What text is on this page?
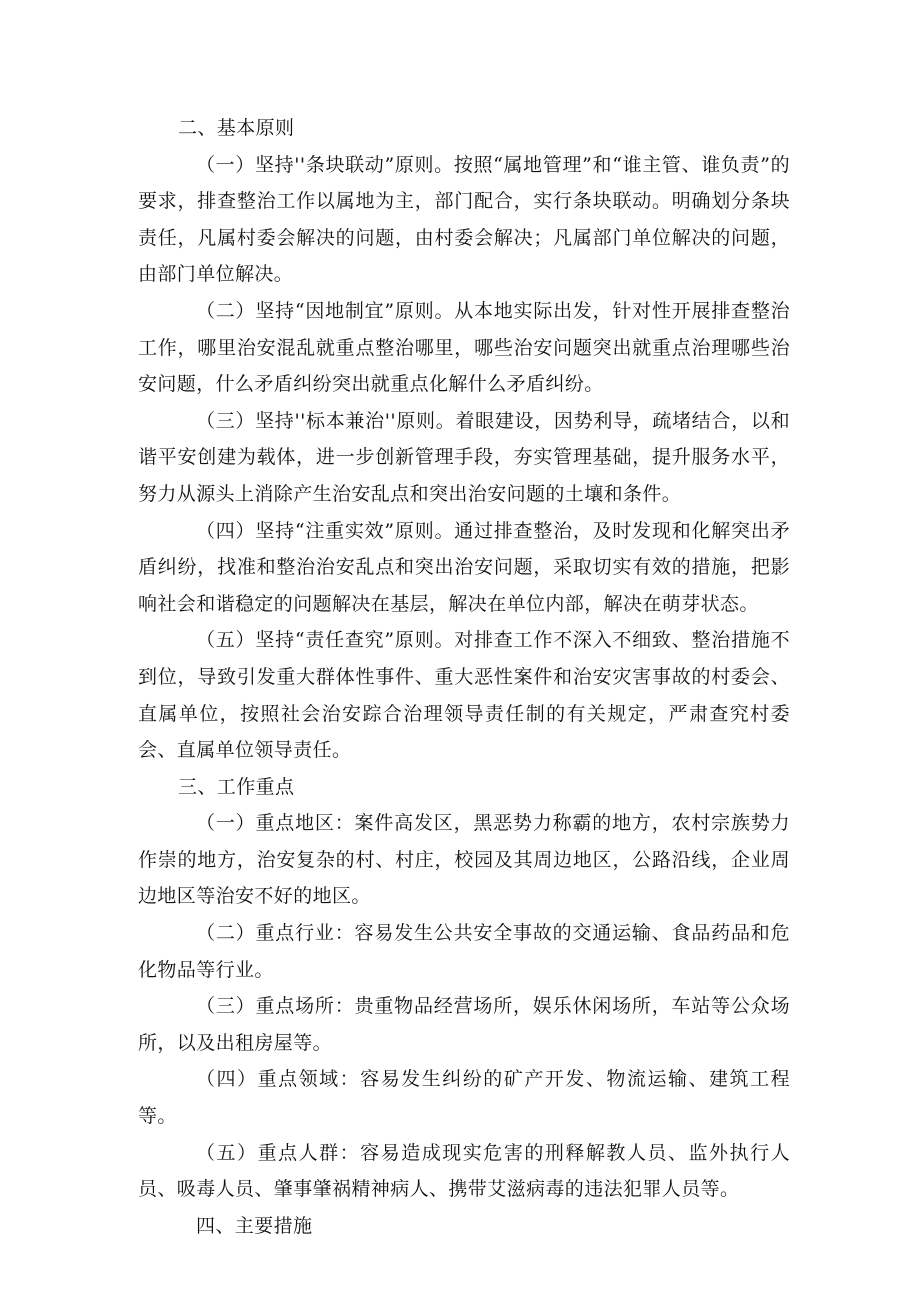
二、基本原则

（一）坚持''条块联动”原则。按照“属地管理”和“谁主管、谁负责”的要求，排查整治工作以属地为主，部门配合，实行条块联动。明确划分条块责任，凡属村委会解决的问题，由村委会解决；凡属部门单位解决的问题，由部门单位解决。

（二）坚持“因地制宜”原则。从本地实际出发，针对性开展排查整治工作，哪里治安混乱就重点整治哪里，哪些治安问题突出就重点治理哪些治安问题，什么矛盾纠纷突出就重点化解什么矛盾纠纷。

（三）坚持''标本兼治''原则。着眼建设，因势利导，疏堵结合，以和谐平安创建为载体，进一步创新管理手段，夯实管理基础，提升服务水平，努力从源头上消除产生治安乱点和突出治安问题的土壤和条件。

（四）坚持“注重实效”原则。通过排查整治，及时发现和化解突出矛盾纠纷，找准和整治治安乱点和突出治安问题，采取切实有效的措施，把影响社会和谐稳定的问题解决在基层，解决在单位内部，解决在萌芽状态。

（五）坚持“责任查究”原则。对排查工作不深入不细致、整治措施不到位，导致引发重大群体性事件、重大恶性案件和治安灾害事故的村委会、直属单位，按照社会治安踪合治理领导责任制的有关规定，严肃查究村委会、直属单位领导责任。

三、工作重点

（一）重点地区：案件高发区，黑恶势力称霸的地方，农村宗族势力作崇的地方，治安复杂的村、村庄，校园及其周边地区，公路沿线，企业周边地区等治安不好的地区。

（二）重点行业：容易发生公共安全事故的交通运输、食品药品和危化物品等行业。

（三）重点场所：贵重物品经营场所，娱乐休闲场所，车站等公众场所，以及出租房屋等。

（四）重点领域：容易发生纠纷的矿产开发、物流运输、建筑工程等。

（五）重点人群：容易造成现实危害的刑释解教人员、监外执行人员、吸毒人员、肇事肇祸精神病人、携带艾滋病毒的违法犯罪人员等。

四、主要措施
